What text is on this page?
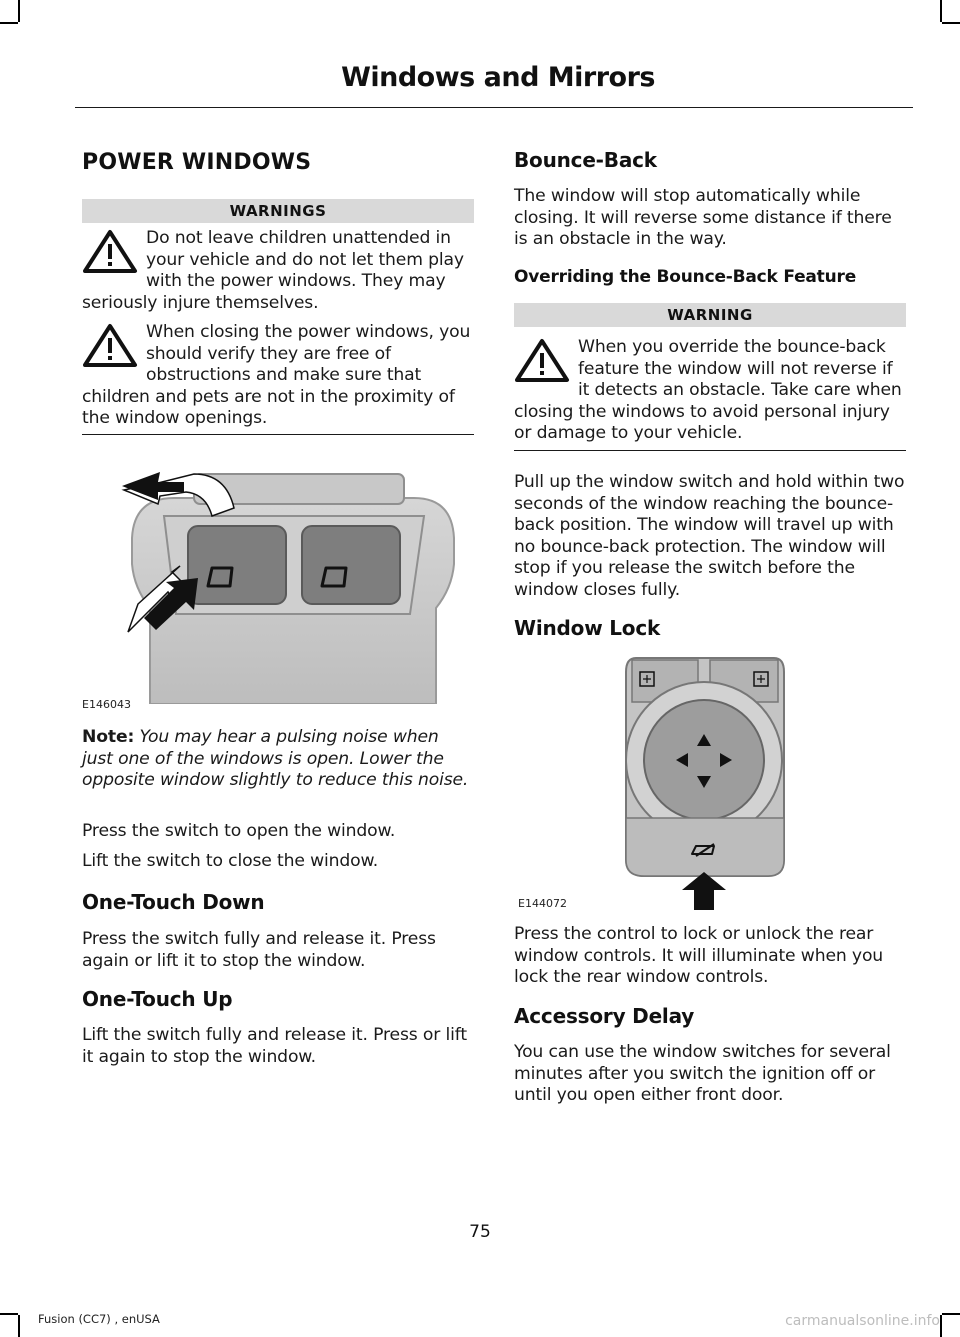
Windows and Mirrors
POWER WINDOWS
WARNINGS
Do not leave children unattended in your vehicle and do not let them play with the power windows. They may seriously injure themselves.
When closing the power windows, you should verify they are free of obstructions and make sure that children and pets are not in the proximity of the window openings.
E146043
Note: You may hear a pulsing noise when just one of the windows is open. Lower the opposite window slightly to reduce this noise.
Press the switch to open the window.
Lift the switch to close the window.
One-Touch Down
Press the switch fully and release it. Press again or lift it to stop the window.
One-Touch Up
Lift the switch fully and release it. Press or lift it again to stop the window.
Bounce-Back
The window will stop automatically while closing. It will reverse some distance if there is an obstacle in the way.
Overriding the Bounce-Back Feature
WARNING
When you override the bounce-back feature the window will not reverse if it detects an obstacle. Take care when closing the windows to avoid personal injury or damage to your vehicle.
Pull up the window switch and hold within two seconds of the window reaching the bounce-back position. The window will travel up with no bounce-back protection. The window will stop if you release the switch before the window closes fully.
Window Lock
E144072
Press the control to lock or unlock the rear window controls. It will illuminate when you lock the rear window controls.
Accessory Delay
You can use the window switches for several minutes after you switch the ignition off or until you open either front door.
75
Fusion (CC7) , enUSA	carmanualsonline.info
